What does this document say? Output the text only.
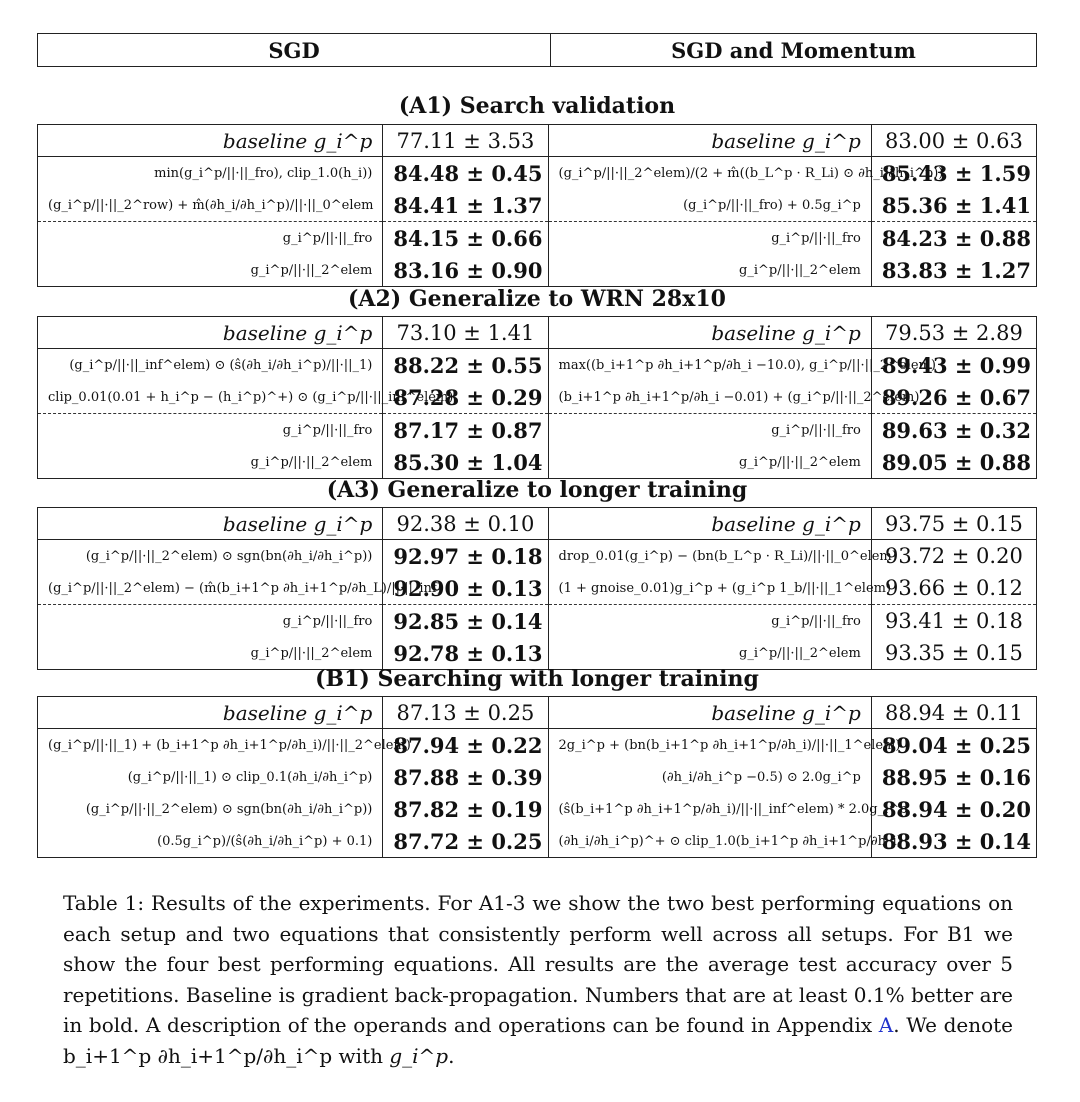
SGD	SGD and Momentum
(A1) Search validation
baseline g_i^p	77.11 ± 3.53	baseline g_i^p	83.00 ± 0.63
min(g_i^p/||·||_fro), clip_1.0(h_i))	84.48 ± 0.45	(g_i^p/||·||_2^elem)/(2 + m̂((b_L^p · R_Li) ⊙ ∂h_i/∂h_i^p))	85.43 ± 1.59
(g_i^p/||·||_2^row) + m̂(∂h_i/∂h_i^p)/||·||_0^elem	84.41 ± 1.37	(g_i^p/||·||_fro) + 0.5g_i^p	85.36 ± 1.41
g_i^p/||·||_fro	84.15 ± 0.66	g_i^p/||·||_fro	84.23 ± 0.88
g_i^p/||·||_2^elem	83.16 ± 0.90	g_i^p/||·||_2^elem	83.83 ± 1.27
(A2) Generalize to WRN 28x10
baseline g_i^p	73.10 ± 1.41	baseline g_i^p	79.53 ± 2.89
(g_i^p/||·||_inf^elem) ⊙ (ŝ(∂h_i/∂h_i^p)/||·||_1)	88.22 ± 0.55	max((b_i+1^p ∂h_i+1^p/∂h_i −10.0), g_i^p/||·||_2^elem)	89.43 ± 0.99
clip_0.01(0.01 + h_i^p − (h_i^p)^+) ⊙ (g_i^p/||·||_inf^elem)	87.28 ± 0.29	(b_i+1^p ∂h_i+1^p/∂h_i −0.01) + (g_i^p/||·||_2^elem)	89.26 ± 0.67
g_i^p/||·||_fro	87.17 ± 0.87	g_i^p/||·||_fro	89.63 ± 0.32
g_i^p/||·||_2^elem	85.30 ± 1.04	g_i^p/||·||_2^elem	89.05 ± 0.88
(A3) Generalize to longer training
baseline g_i^p	92.38 ± 0.10	baseline g_i^p	93.75 ± 0.15
(g_i^p/||·||_2^elem) ⊙ sgn(bn(∂h_i/∂h_i^p))	92.97 ± 0.18	drop_0.01(g_i^p) − (bn(b_L^p · R_Li)/||·||_0^elem)	93.72 ± 0.20
(g_i^p/||·||_2^elem) − (m̂(b_i+1^p ∂h_i+1^p/∂h_L)/||·||_inf)	92.90 ± 0.13	(1 + gnoise_0.01)g_i^p + (g_i^p 1_b/||·||_1^elem)	93.66 ± 0.12
g_i^p/||·||_fro	92.85 ± 0.14	g_i^p/||·||_fro	93.41 ± 0.18
g_i^p/||·||_2^elem	92.78 ± 0.13	g_i^p/||·||_2^elem	93.35 ± 0.15
(B1) Searching with longer training
baseline g_i^p	87.13 ± 0.25	baseline g_i^p	88.94 ± 0.11
(g_i^p/||·||_1) + (b_i+1^p ∂h_i+1^p/∂h_i)/||·||_2^elem)	87.94 ± 0.22	2g_i^p + (bn(b_i+1^p ∂h_i+1^p/∂h_i)/||·||_1^elem)	89.04 ± 0.25
(g_i^p/||·||_1) ⊙ clip_0.1(∂h_i/∂h_i^p)	87.88 ± 0.39	(∂h_i/∂h_i^p −0.5) ⊙ 2.0g_i^p	88.95 ± 0.16
(g_i^p/||·||_2^elem) ⊙ sgn(bn(∂h_i/∂h_i^p))	87.82 ± 0.19	(ŝ(b_i+1^p ∂h_i+1^p/∂h_i)/||·||_inf^elem) * 2.0g_i^p	88.94 ± 0.20
(0.5g_i^p)/(ŝ(∂h_i/∂h_i^p) + 0.1)	87.72 ± 0.25	(∂h_i/∂h_i^p)^+ ⊙ clip_1.0(b_i+1^p ∂h_i+1^p/∂h_i)	88.93 ± 0.14
Table 1: Results of the experiments. For A1-3 we show the two best performing equations on each setup and two equations that consistently perform well across all setups. For B1 we show the four best performing equations. All results are the average test accuracy over 5 repetitions. Baseline is gradient back-propagation. Numbers that are at least 0.1% better are in bold. A description of the operands and operations can be found in Appendix A. We denote b_i+1^p ∂h_i+1^p/∂h_i^p with g_i^p.
